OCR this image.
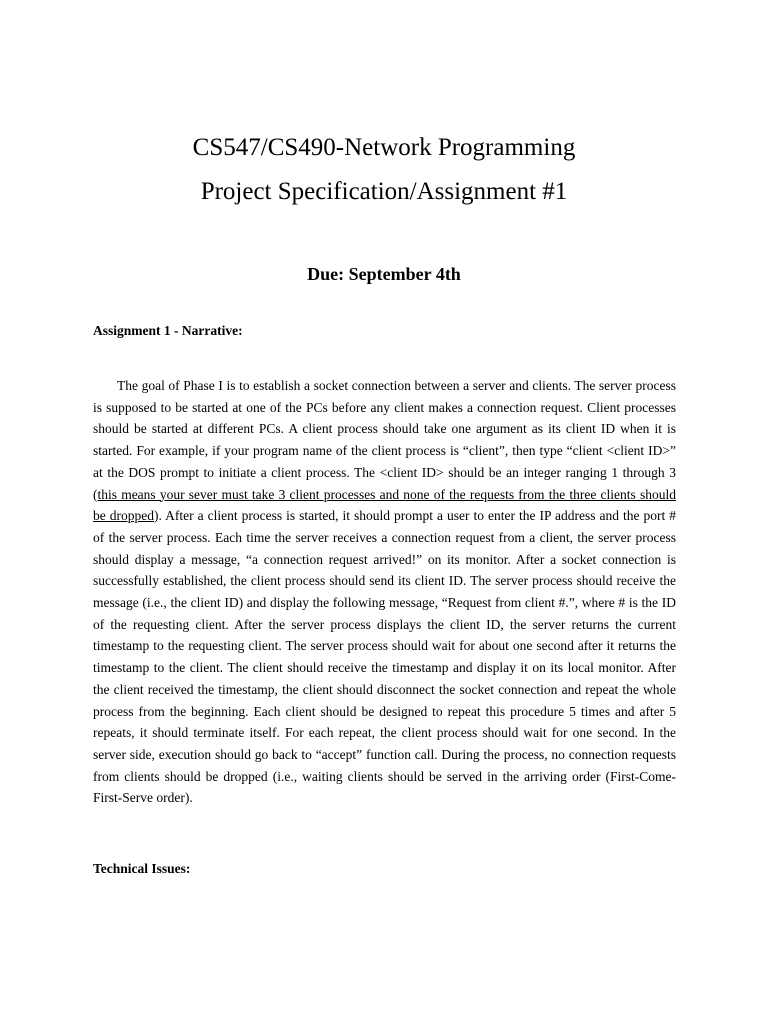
CS547/CS490-Network Programming
Project Specification/Assignment #1
Due: September 4th
Assignment 1 - Narrative:

The goal of Phase I is to establish a socket connection between a server and clients. The server process is supposed to be started at one of the PCs before any client makes a connection request. Client processes should be started at different PCs. A client process should take one argument as its client ID when it is started. For example, if your program name of the client process is “client”, then type “client <client ID>” at the DOS prompt to initiate a client process. The <client ID> should be an integer ranging 1 through 3 (this means your sever must take 3 client processes and none of the requests from the three clients should be dropped). After a client process is started, it should prompt a user to enter the IP address and the port # of the server process. Each time the server receives a connection request from a client, the server process should display a message, “a connection request arrived!” on its monitor. After a socket connection is successfully established, the client process should send its client ID. The server process should receive the message (i.e., the client ID) and display the following message, “Request from client #.”, where # is the ID of the requesting client. After the server process displays the client ID, the server returns the current timestamp to the requesting client. The server process should wait for about one second after it returns the timestamp to the client. The client should receive the timestamp and display it on its local monitor. After the client received the timestamp, the client should disconnect the socket connection and repeat the whole process from the beginning. Each client should be designed to repeat this procedure 5 times and after 5 repeats, it should terminate itself. For each repeat, the client process should wait for one second. In the server side, execution should go back to “accept” function call. During the process, no connection requests from clients should be dropped (i.e., waiting clients should be served in the arriving order (First-Come-First-Serve order).

Technical Issues:
